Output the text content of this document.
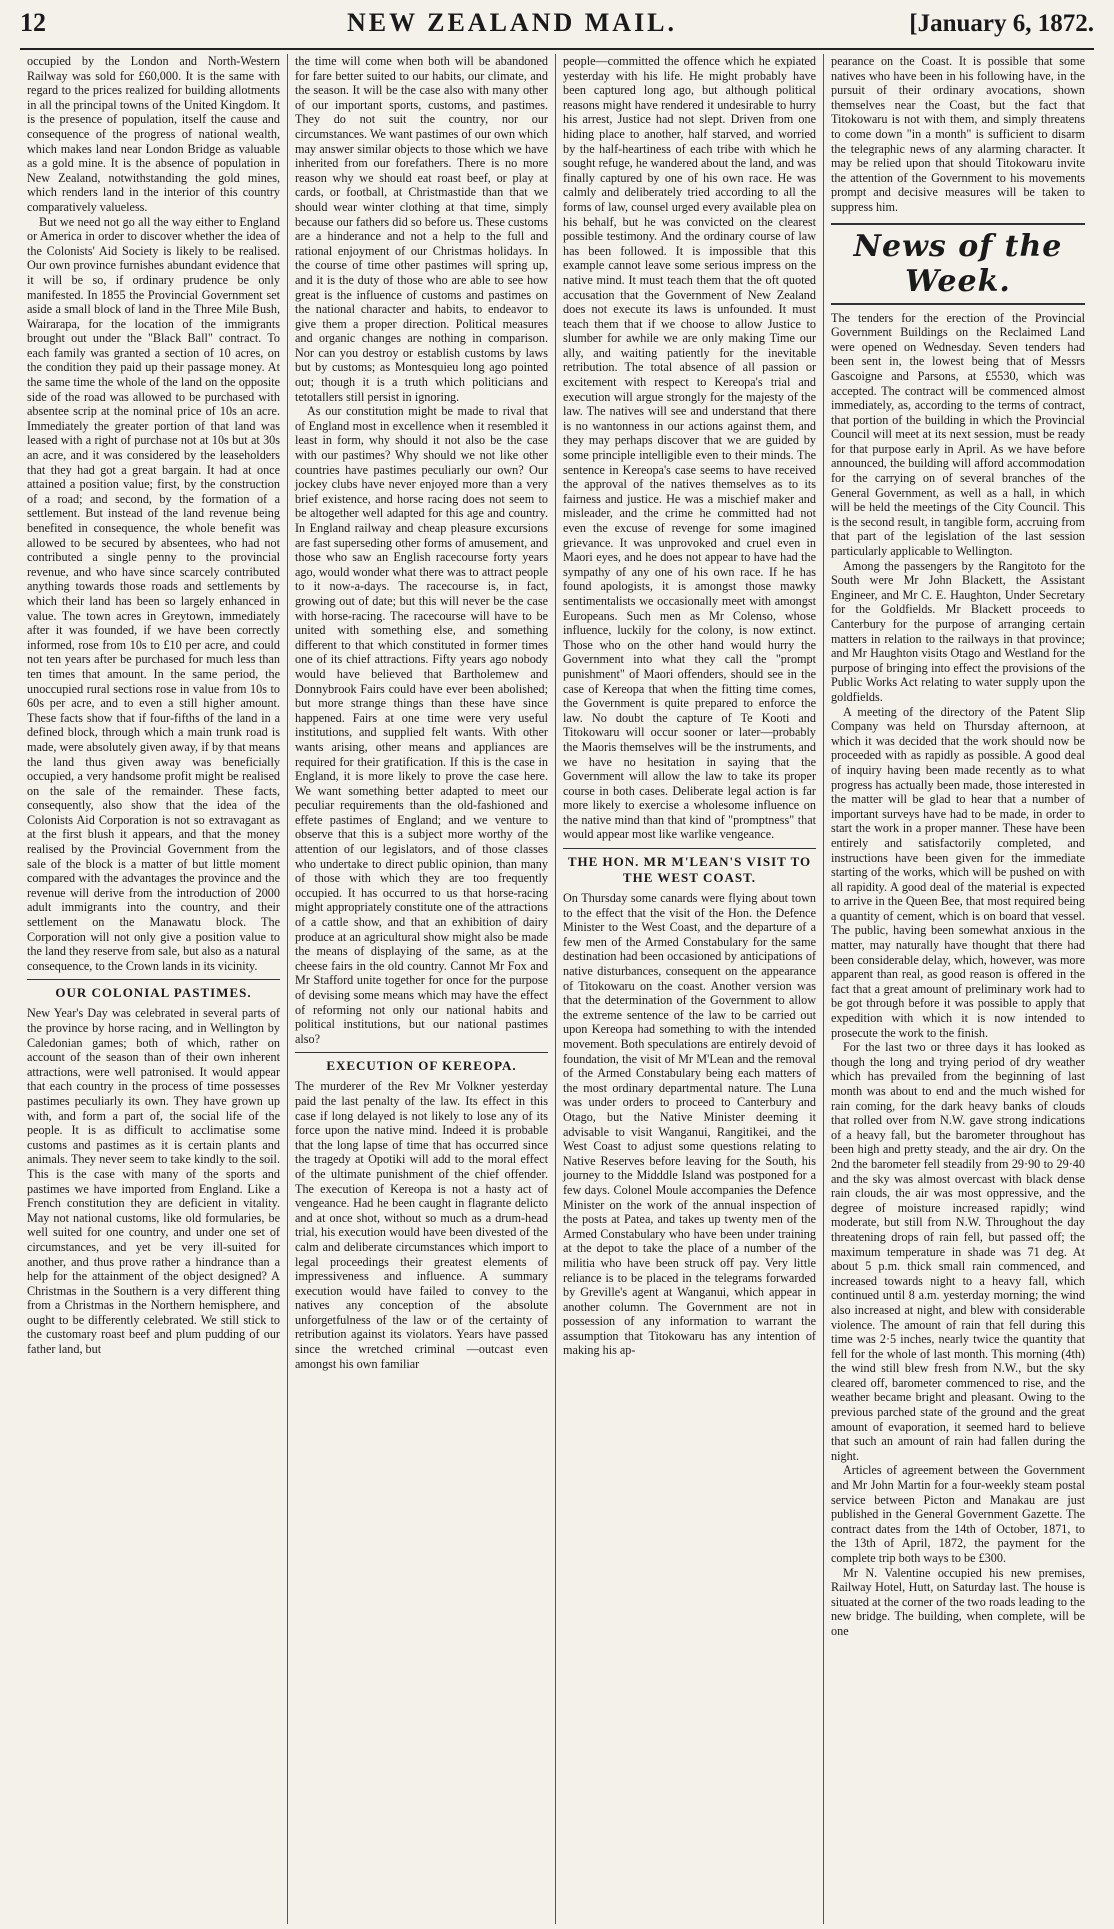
12	NEW ZEALAND MAIL.	[January 6, 1872.

occupied by the London and North-Western Railway was sold for £60,000. It is the same with regard to the prices realized for building allotments in all the principal towns of the United Kingdom. It is the presence of population, itself the cause and consequence of the progress of national wealth, which makes land near London Bridge as valuable as a gold mine. It is the absence of population in New Zealand, notwithstanding the gold mines, which renders land in the interior of this country comparatively valueless.

But we need not go all the way either to England or America in order to discover whether the idea of the Colonists' Aid Society is likely to be realised. Our own province furnishes abundant evidence that it will be so, if ordinary prudence be only manifested. In 1855 the Provincial Government set aside a small block of land in the Three Mile Bush, Wairarapa, for the location of the immigrants brought out under the "Black Ball" contract. To each family was granted a section of 10 acres, on the condition they paid up their passage money. At the same time the whole of the land on the opposite side of the road was allowed to be purchased with absentee scrip at the nominal price of 10s an acre. Immediately the greater portion of that land was leased with a right of purchase not at 10s but at 30s an acre, and it was considered by the leaseholders that they had got a great bargain. It had at once attained a position value; first, by the construction of a road; and second, by the formation of a settlement. But instead of the land revenue being benefited in consequence, the whole benefit was allowed to be secured by absentees, who had not contributed a single penny to the provincial revenue, and who have since scarcely contributed anything towards those roads and settlements by which their land has been so largely enhanced in value. The town acres in Greytown, immediately after it was founded, if we have been correctly informed, rose from 10s to £10 per acre, and could not ten years after be purchased for much less than ten times that amount. In the same period, the unoccupied rural sections rose in value from 10s to 60s per acre, and to even a still higher amount. These facts show that if four-fifths of the land in a defined block, through which a main trunk road is made, were absolutely given away, if by that means the land thus given away was beneficially occupied, a very handsome profit might be realised on the sale of the remainder. These facts, consequently, also show that the idea of the Colonists Aid Corporation is not so extravagant as at the first blush it appears, and that the money realised by the Provincial Government from the sale of the block is a matter of but little moment compared with the advantages the province and the revenue will derive from the introduction of 2000 adult immigrants into the country, and their settlement on the Manawatu block. The Corporation will not only give a position value to the land they reserve from sale, but also as a natural consequence, to the Crown lands in its vicinity.

OUR COLONIAL PASTIMES.

New Year's Day was celebrated in several parts of the province by horse racing, and in Wellington by Caledonian games; both of which, rather on account of the season than of their own inherent attractions, were well patronised. It would appear that each country in the process of time possesses pastimes peculiarly its own. They have grown up with, and form a part of, the social life of the people. It is as difficult to acclimatise some customs and pastimes as it is certain plants and animals. They never seem to take kindly to the soil. This is the case with many of the sports and pastimes we have imported from England. Like a French constitution they are deficient in vitality. May not national customs, like old formularies, be well suited for one country, and under one set of circumstances, and yet be very ill-suited for another, and thus prove rather a hindrance than a help for the attainment of the object designed? A Christmas in the Southern is a very different thing from a Christmas in the Northern hemisphere, and ought to be differently celebrated. We still stick to the customary roast beef and plum pudding of our father land, but

the time will come when both will be abandoned for fare better suited to our habits, our climate, and the season. It will be the case also with many other of our important sports, customs, and pastimes. They do not suit the country, nor our circumstances. We want pastimes of our own which may answer similar objects to those which we have inherited from our forefathers. There is no more reason why we should eat roast beef, or play at cards, or football, at Christmastide than that we should wear winter clothing at that time, simply because our fathers did so before us. These customs are a hinderance and not a help to the full and rational enjoyment of our Christmas holidays. In the course of time other pastimes will spring up, and it is the duty of those who are able to see how great is the influence of customs and pastimes on the national character and habits, to endeavor to give them a proper direction. Political measures and organic changes are nothing in comparison. Nor can you destroy or establish customs by laws but by customs; as Montesquieu long ago pointed out; though it is a truth which politicians and tetotallers still persist in ignoring.

As our constitution might be made to rival that of England most in excellence when it resembled it least in form, why should it not also be the case with our pastimes? Why should we not like other countries have pastimes peculiarly our own? Our jockey clubs have never enjoyed more than a very brief existence, and horse racing does not seem to be altogether well adapted for this age and country. In England railway and cheap pleasure excursions are fast superseding other forms of amusement, and those who saw an English racecourse forty years ago, would wonder what there was to attract people to it now-a-days. The racecourse is, in fact, growing out of date; but this will never be the case with horse-racing. The racecourse will have to be united with something else, and something different to that which constituted in former times one of its chief attractions. Fifty years ago nobody would have believed that Bartholemew and Donnybrook Fairs could have ever been abolished; but more strange things than these have since happened. Fairs at one time were very useful institutions, and supplied felt wants. With other wants arising, other means and appliances are required for their gratification. If this is the case in England, it is more likely to prove the case here. We want something better adapted to meet our peculiar requirements than the old-fashioned and effete pastimes of England; and we venture to observe that this is a subject more worthy of the attention of our legislators, and of those classes who undertake to direct public opinion, than many of those with which they are too frequently occupied. It has occurred to us that horse-racing might appropriately constitute one of the attractions of a cattle show, and that an exhibition of dairy produce at an agricultural show might also be made the means of displaying of the same, as at the cheese fairs in the old country. Cannot Mr Fox and Mr Stafford unite together for once for the purpose of devising some means which may have the effect of reforming not only our national habits and political institutions, but our national pastimes also?

EXECUTION OF KEREOPA.

The murderer of the Rev Mr Volkner yesterday paid the last penalty of the law. Its effect in this case if long delayed is not likely to lose any of its force upon the native mind. Indeed it is probable that the long lapse of time that has occurred since the tragedy at Opotiki will add to the moral effect of the ultimate punishment of the chief offender. The execution of Kereopa is not a hasty act of vengeance. Had he been caught in flagrante delicto and at once shot, without so much as a drum-head trial, his execution would have been divested of the calm and deliberate circumstances which import to legal proceedings their greatest elements of impressiveness and influence. A summary execution would have failed to convey to the natives any conception of the absolute unforgetfulness of the law or of the certainty of retribution against its violators. Years have passed since the wretched criminal —outcast even amongst his own familiar

people—committed the offence which he expiated yesterday with his life. He might probably have been captured long ago, but although political reasons might have rendered it undesirable to hurry his arrest, Justice had not slept. Driven from one hiding place to another, half starved, and worried by the half-heartiness of each tribe with which he sought refuge, he wandered about the land, and was finally captured by one of his own race. He was calmly and deliberately tried according to all the forms of law, counsel urged every available plea on his behalf, but he was convicted on the clearest possible testimony. And the ordinary course of law has been followed. It is impossible that this example cannot leave some serious impress on the native mind. It must teach them that the oft quoted accusation that the Government of New Zealand does not execute its laws is unfounded. It must teach them that if we choose to allow Justice to slumber for awhile we are only making Time our ally, and waiting patiently for the inevitable retribution. The total absence of all passion or excitement with respect to Kereopa's trial and execution will argue strongly for the majesty of the law. The natives will see and understand that there is no wantonness in our actions against them, and they may perhaps discover that we are guided by some principle intelligible even to their minds. The sentence in Kereopa's case seems to have received the approval of the natives themselves as to its fairness and justice. He was a mischief maker and misleader, and the crime he committed had not even the excuse of revenge for some imagined grievance. It was unprovoked and cruel even in Maori eyes, and he does not appear to have had the sympathy of any one of his own race. If he has found apologists, it is amongst those mawky sentimentalists we occasionally meet with amongst Europeans. Such men as Mr Colenso, whose influence, luckily for the colony, is now extinct. Those who on the other hand would hurry the Government into what they call the "prompt punishment" of Maori offenders, should see in the case of Kereopa that when the fitting time comes, the Government is quite prepared to enforce the law. No doubt the capture of Te Kooti and Titokowaru will occur sooner or later—probably the Maoris themselves will be the instruments, and we have no hesitation in saying that the Government will allow the law to take its proper course in both cases. Deliberate legal action is far more likely to exercise a wholesome influence on the native mind than that kind of "promptness" that would appear most like warlike vengeance.

THE HON. MR M'LEAN'S VISIT TO THE WEST COAST.

On Thursday some canards were flying about town to the effect that the visit of the Hon. the Defence Minister to the West Coast, and the departure of a few men of the Armed Constabulary for the same destination had been occasioned by anticipations of native disturbances, consequent on the appearance of Titokowaru on the coast. Another version was that the determination of the Government to allow the extreme sentence of the law to be carried out upon Kereopa had something to with the intended movement. Both speculations are entirely devoid of foundation, the visit of Mr M'Lean and the removal of the Armed Constabulary being each matters of the most ordinary departmental nature. The Luna was under orders to proceed to Canterbury and Otago, but the Native Minister deeming it advisable to visit Wanganui, Rangitikei, and the West Coast to adjust some questions relating to Native Reserves before leaving for the South, his journey to the Midddle Island was postponed for a few days. Colonel Moule accompanies the Defence Minister on the work of the annual inspection of the posts at Patea, and takes up twenty men of the Armed Constabulary who have been under training at the depot to take the place of a number of the militia who have been struck off pay. Very little reliance is to be placed in the telegrams forwarded by Greville's agent at Wanganui, which appear in another column. The Government are not in possession of any information to warrant the assumption that Titokowaru has any intention of making his ap-

pearance on the Coast. It is possible that some natives who have been in his following have, in the pursuit of their ordinary avocations, shown themselves near the Coast, but the fact that Titokowaru is not with them, and simply threatens to come down "in a month" is sufficient to disarm the telegraphic news of any alarming character. It may be relied upon that should Titokowaru invite the attention of the Government to his movements prompt and decisive measures will be taken to suppress him.

News of the Week.

The tenders for the erection of the Provincial Government Buildings on the Reclaimed Land were opened on Wednesday. Seven tenders had been sent in, the lowest being that of Messrs Gascoigne and Parsons, at £5530, which was accepted. The contract will be commenced almost immediately, as, according to the terms of contract, that portion of the building in which the Provincial Council will meet at its next session, must be ready for that purpose early in April. As we have before announced, the building will afford accommodation for the carrying on of several branches of the General Government, as well as a hall, in which will be held the meetings of the City Council. This is the second result, in tangible form, accruing from that part of the legislation of the last session particularly applicable to Wellington.

Among the passengers by the Rangitoto for the South were Mr John Blackett, the Assistant Engineer, and Mr C. E. Haughton, Under Secretary for the Goldfields. Mr Blackett proceeds to Canterbury for the purpose of arranging certain matters in relation to the railways in that province; and Mr Haughton visits Otago and Westland for the purpose of bringing into effect the provisions of the Public Works Act relating to water supply upon the goldfields.

A meeting of the directory of the Patent Slip Company was held on Thursday afternoon, at which it was decided that the work should now be proceeded with as rapidly as possible. A good deal of inquiry having been made recently as to what progress has actually been made, those interested in the matter will be glad to hear that a number of important surveys have had to be made, in order to start the work in a proper manner. These have been entirely and satisfactorily completed, and instructions have been given for the immediate starting of the works, which will be pushed on with all rapidity. A good deal of the material is expected to arrive in the Queen Bee, that most required being a quantity of cement, which is on board that vessel. The public, having been somewhat anxious in the matter, may naturally have thought that there had been considerable delay, which, however, was more apparent than real, as good reason is offered in the fact that a great amount of preliminary work had to be got through before it was possible to apply that expedition with which it is now intended to prosecute the work to the finish.

For the last two or three days it has looked as though the long and trying period of dry weather which has prevailed from the beginning of last month was about to end and the much wished for rain coming, for the dark heavy banks of clouds that rolled over from N.W. gave strong indications of a heavy fall, but the barometer throughout has been high and pretty steady, and the air dry. On the 2nd the barometer fell steadily from 29·90 to 29·40 and the sky was almost overcast with black dense rain clouds, the air was most oppressive, and the degree of moisture increased rapidly; wind moderate, but still from N.W. Throughout the day threatening drops of rain fell, but passed off; the maximum temperature in shade was 71 deg. At about 5 p.m. thick small rain commenced, and increased towards night to a heavy fall, which continued until 8 a.m. yesterday morning; the wind also increased at night, and blew with considerable violence. The amount of rain that fell during this time was 2·5 inches, nearly twice the quantity that fell for the whole of last month. This morning (4th) the wind still blew fresh from N.W., but the sky cleared off, barometer commenced to rise, and the weather became bright and pleasant. Owing to the previous parched state of the ground and the great amount of evaporation, it seemed hard to believe that such an amount of rain had fallen during the night.

Articles of agreement between the Government and Mr John Martin for a four-weekly steam postal service between Picton and Manakau are just published in the General Government Gazette. The contract dates from the 14th of October, 1871, to the 13th of April, 1872, the payment for the complete trip both ways to be £300.

Mr N. Valentine occupied his new premises, Railway Hotel, Hutt, on Saturday last. The house is situated at the corner of the two roads leading to the new bridge. The building, when complete, will be one
